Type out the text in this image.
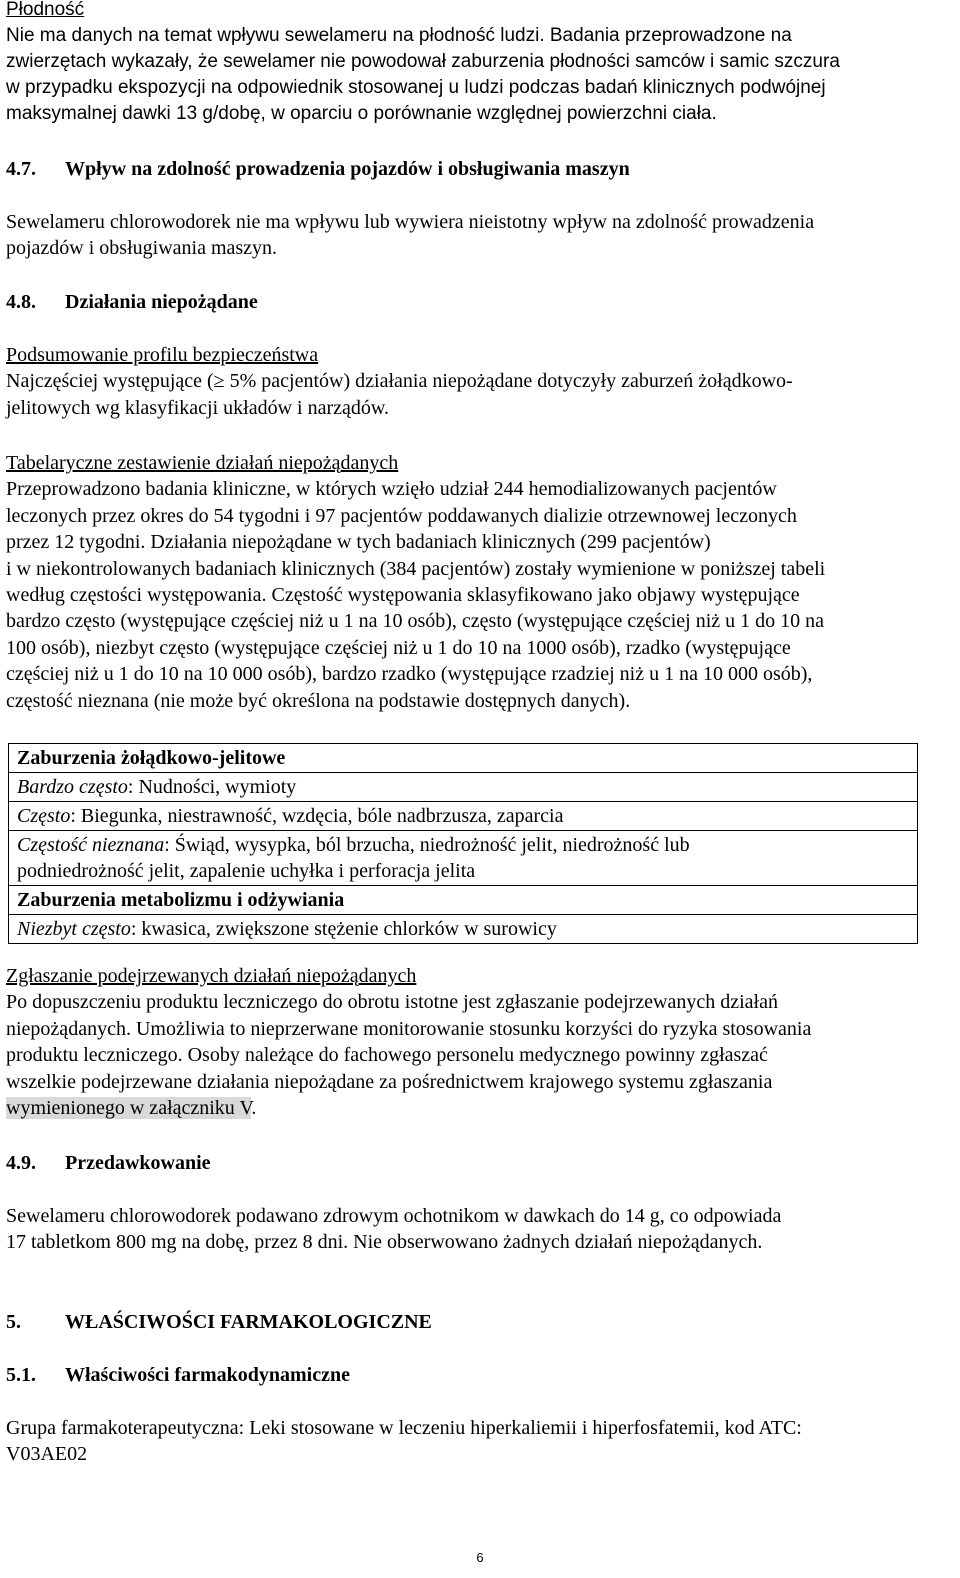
Płodność

Nie ma danych na temat wpływu sewelameru na płodność ludzi. Badania przeprowadzone na

zwierzętach wykazały, że sewelamer nie powodował zaburzenia płodności samców i samic szczura

w przypadku ekspozycji na odpowiednik stosowanej u ludzi podczas badań klinicznych podwójnej

maksymalnej dawki 13 g/dobę, w oparciu o porównanie względnej powierzchni ciała.

4.7.	Wpływ na zdolność prowadzenia pojazdów i obsługiwania maszyn

Sewelameru chlorowodorek nie ma wpływu lub wywiera nieistotny wpływ na zdolność prowadzenia

pojazdów i obsługiwania maszyn.

4.8.	Działania niepożądane

Podsumowanie profilu bezpieczeństwa

Najczęściej występujące (≥ 5% pacjentów) działania niepożądane dotyczyły zaburzeń żołądkowo-

jelitowych wg klasyfikacji układów i narządów.

Tabelaryczne zestawienie działań niepożądanych

Przeprowadzono badania kliniczne, w których wzięło udział 244 hemodializowanych pacjentów

leczonych przez okres do 54 tygodni i 97 pacjentów poddawanych dializie otrzewnowej leczonych

przez 12 tygodni. Działania niepożądane w tych badaniach klinicznych (299 pacjentów)

i w niekontrolowanych badaniach klinicznych (384 pacjentów) zostały wymienione w poniższej tabeli

według częstości występowania. Częstość występowania sklasyfikowano jako objawy występujące

bardzo często (występujące częściej niż u 1 na 10 osób), często (występujące częściej niż u 1 do 10 na

100 osób), niezbyt często (występujące częściej niż u 1 do 10 na 1000 osób), rzadko (występujące

częściej niż u 1 do 10 na 10 000 osób), bardzo rzadko (występujące rzadziej niż u 1 na 10 000 osób),

częstość nieznana (nie może być określona na podstawie dostępnych danych).

Zaburzenia żołądkowo-jelitowe
Bardzo często: Nudności, wymioty
Często: Biegunka, niestrawność, wzdęcia, bóle nadbrzusza, zaparcia
Częstość nieznana: Świąd, wysypka, ból brzucha, niedrożność jelit, niedrożność lub
podniedrożność jelit, zapalenie uchyłka i perforacja jelita
Zaburzenia metabolizmu i odżywiania
Niezbyt często: kwasica, zwiększone stężenie chlorków w surowicy

Zgłaszanie podejrzewanych działań niepożądanych

Po dopuszczeniu produktu leczniczego do obrotu istotne jest zgłaszanie podejrzewanych działań

niepożądanych. Umożliwia to nieprzerwane monitorowanie stosunku korzyści do ryzyka stosowania

produktu leczniczego. Osoby należące do fachowego personelu medycznego powinny zgłaszać

wszelkie podejrzewane działania niepożądane za pośrednictwem krajowego systemu zgłaszania

wymienionego w załączniku V.

4.9.	Przedawkowanie

Sewelameru chlorowodorek podawano zdrowym ochotnikom w dawkach do 14 g, co odpowiada

17 tabletkom 800 mg na dobę, przez 8 dni. Nie obserwowano żadnych działań niepożądanych.

5.	WŁAŚCIWOŚCI FARMAKOLOGICZNE
5.1.	Właściwości farmakodynamiczne

Grupa farmakoterapeutyczna: Leki stosowane w leczeniu hiperkaliemii i hiperfosfatemii, kod ATC:

V03AE02

6
